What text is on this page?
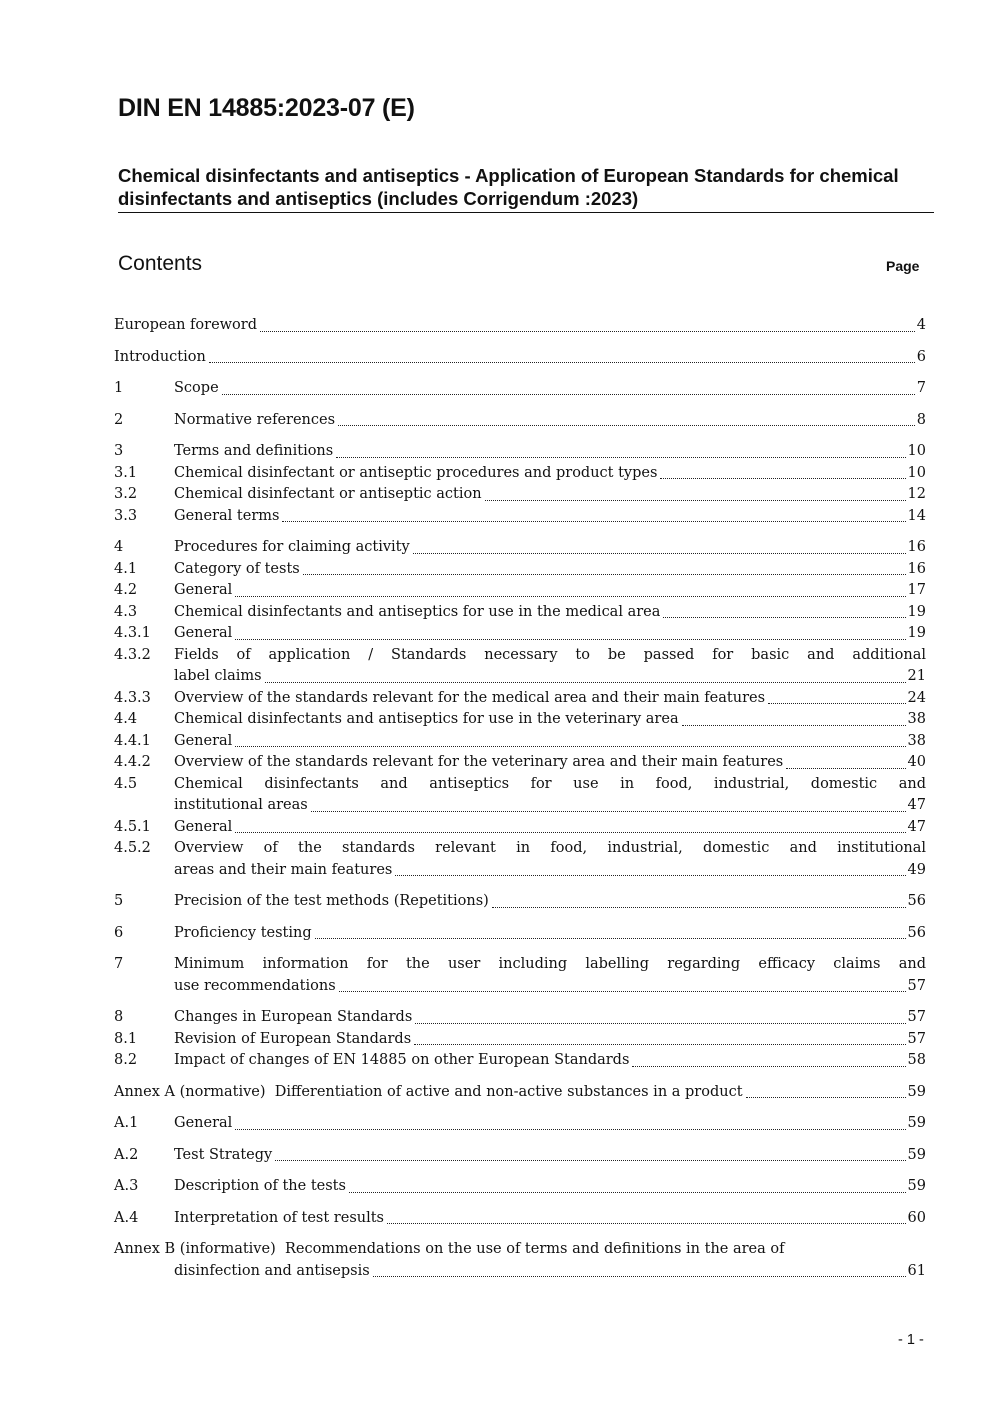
DIN EN 14885:2023-07 (E)
Chemical disinfectants and antiseptics - Application of European Standards for chemical disinfectants and antiseptics (includes Corrigendum :2023)
Contents	Page
European foreword	4
Introduction	6
1	Scope	7
2	Normative references	8
3	Terms and definitions	10
3.1	Chemical disinfectant or antiseptic procedures and product types	10
3.2	Chemical disinfectant or antiseptic action	12
3.3	General terms	14
4	Procedures for claiming activity	16
4.1	Category of tests	16
4.2	General	17
4.3	Chemical disinfectants and antiseptics for use in the medical area	19
4.3.1	General	19
4.3.2	Fields of application / Standards necessary to be passed for basic and additional
label claims	21
4.3.3	Overview of the standards relevant for the medical area and their main features	24
4.4	Chemical disinfectants and antiseptics for use in the veterinary area	38
4.4.1	General	38
4.4.2	Overview of the standards relevant for the veterinary area and their main features	40
4.5	Chemical disinfectants and antiseptics for use in food, industrial, domestic and
institutional areas	47
4.5.1	General	47
4.5.2	Overview of the standards relevant in food, industrial, domestic and institutional
areas and their main features	49
5	Precision of the test methods (Repetitions)	56
6	Proficiency testing	56
7	Minimum information for the user including labelling regarding efficacy claims and
use recommendations	57
8	Changes in European Standards	57
8.1	Revision of European Standards	57
8.2	Impact of changes of EN 14885 on other European Standards	58
Annex A (normative)  Differentiation of active and non-active substances in a product	59
A.1	General	59
A.2	Test Strategy	59
A.3	Description of the tests	59
A.4	Interpretation of test results	60
Annex B (informative)  Recommendations on the use of terms and definitions in the area of
disinfection and antisepsis	61
- 1 -
